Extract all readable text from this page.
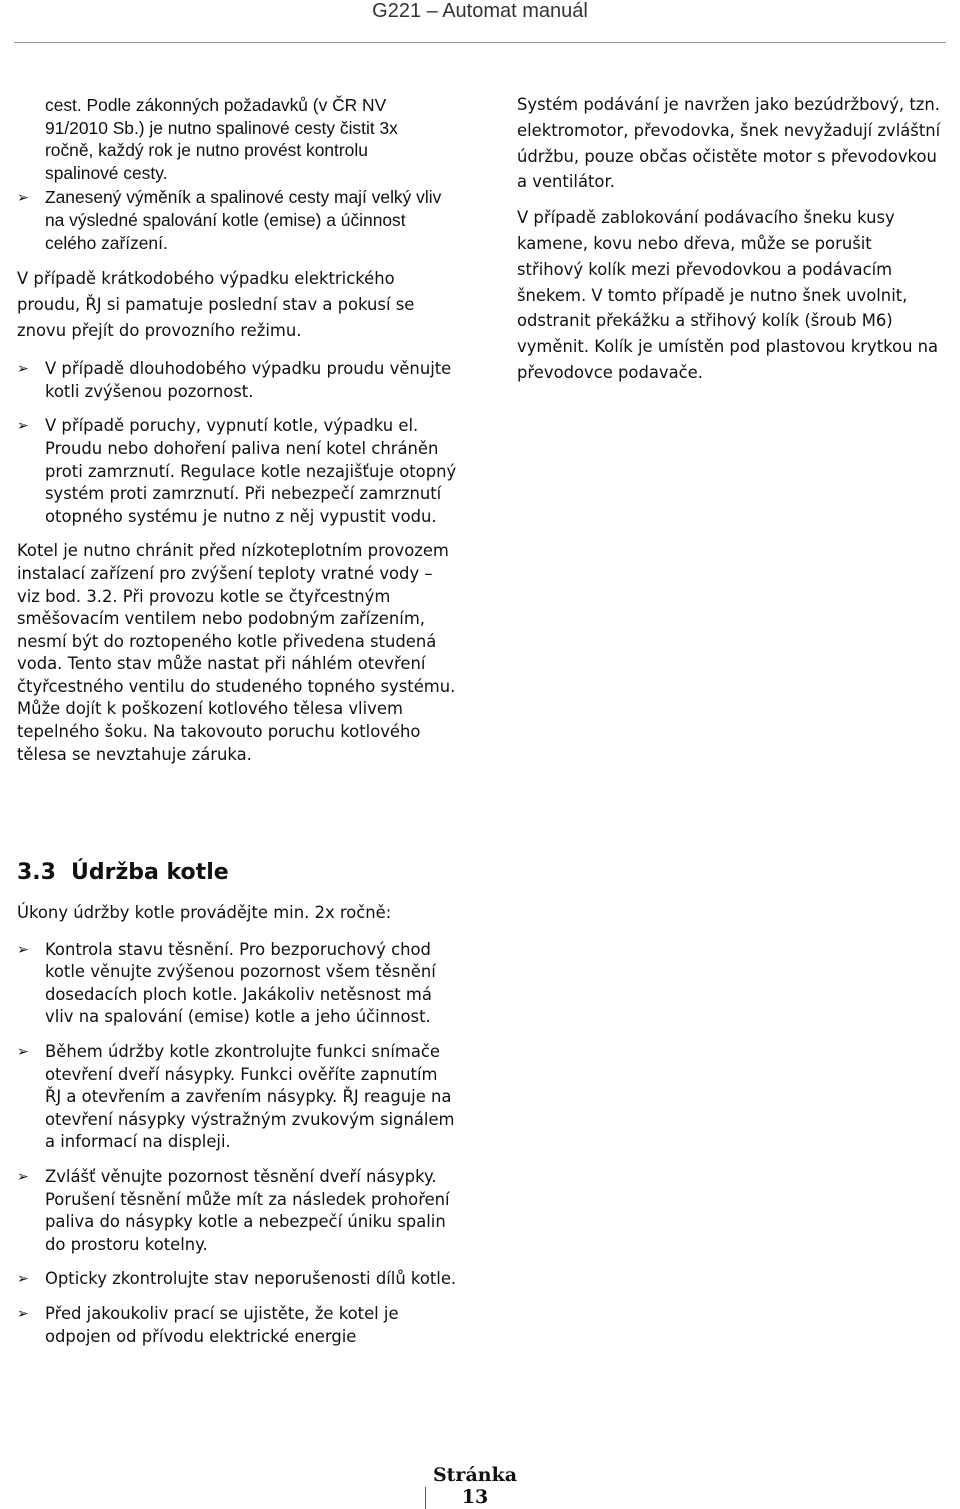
G221 – Automat manuál
cest. Podle zákonných požadavků (v ČR NV
91/2010 Sb.) je nutno spalinové cesty čistit 3x
ročně, každý rok je nutno provést kontrolu
spalinové cesty.
➢ Zanesený výměník a spalinové cesty mají velký vliv na výsledné spalování kotle (emise) a účinnost celého zařízení.

V případě krátkodobého výpadku elektrického proudu, ŘJ si pamatuje poslední stav a pokusí se znovu přejít do provozního režimu.

➢ V případě dlouhodobého výpadku proudu věnujte kotli zvýšenou pozornost.
➢ V případě poruchy, vypnutí kotle, výpadku el. Proudu nebo dohoření paliva není kotel chráněn proti zamrznutí. Regulace kotle nezajišťuje otopný systém proti zamrznutí. Při nebezpečí zamrznutí otopného systému je nutno z něj vypustit vodu.

Kotel je nutno chránit před nízkoteplotním provozem instalací zařízení pro zvýšení teploty vratné vody – viz bod. 3.2. Při provozu kotle se čtyřcestným směšovacím ventilem nebo podobným zařízením, nesmí být do roztopeného kotle přivedena studená voda. Tento stav může nastat při náhlém otevření čtyřcestného ventilu do studeného topného systému. Může dojít k poškození kotlového tělesa vlivem tepelného šoku. Na takovouto poruchu kotlového tělesa se nevztahuje záruka.

Systém podávání je navržen jako bezúdržbový, tzn. elektromotor, převodovka, šnek nevyžadují zvláštní údržbu, pouze občas očistěte motor s převodovkou a ventilátor.

V případě zablokování podávacího šneku kusy kamene, kovu nebo dřeva, může se porušit střihový kolík mezi převodovkou a podávacím šnekem. V tomto případě je nutno šnek uvolnit, odstranit překážku a střihový kolík (šroub M6) vyměnit. Kolík je umístěn pod plastovou krytkou na převodovce podavače.

3.3 Údržba kotle

Úkony údržby kotle provádějte min. 2x ročně:

➢ Kontrola stavu těsnění. Pro bezporuchový chod kotle věnujte zvýšenou pozornost všem těsnění dosedacích ploch kotle. Jakákoliv netěsnost má vliv na spalování (emise) kotle a jeho účinnost.
➢ Během údržby kotle zkontrolujte funkci snímače otevření dveří násypky. Funkci ověříte zapnutím ŘJ a otevřením a zavřením násypky. ŘJ reaguje na otevření násypky výstražným zvukovým signálem a informací na displeji.
➢ Zvlášť věnujte pozornost těsnění dveří násypky. Porušení těsnění může mít za následek prohoření paliva do násypky kotle a nebezpečí úniku spalin do prostoru kotelny.
➢ Opticky zkontrolujte stav neporušenosti dílů kotle.
➢ Před jakoukoliv prací se ujistěte, že kotel je odpojen od přívodu elektrické energie
Stránka
13
